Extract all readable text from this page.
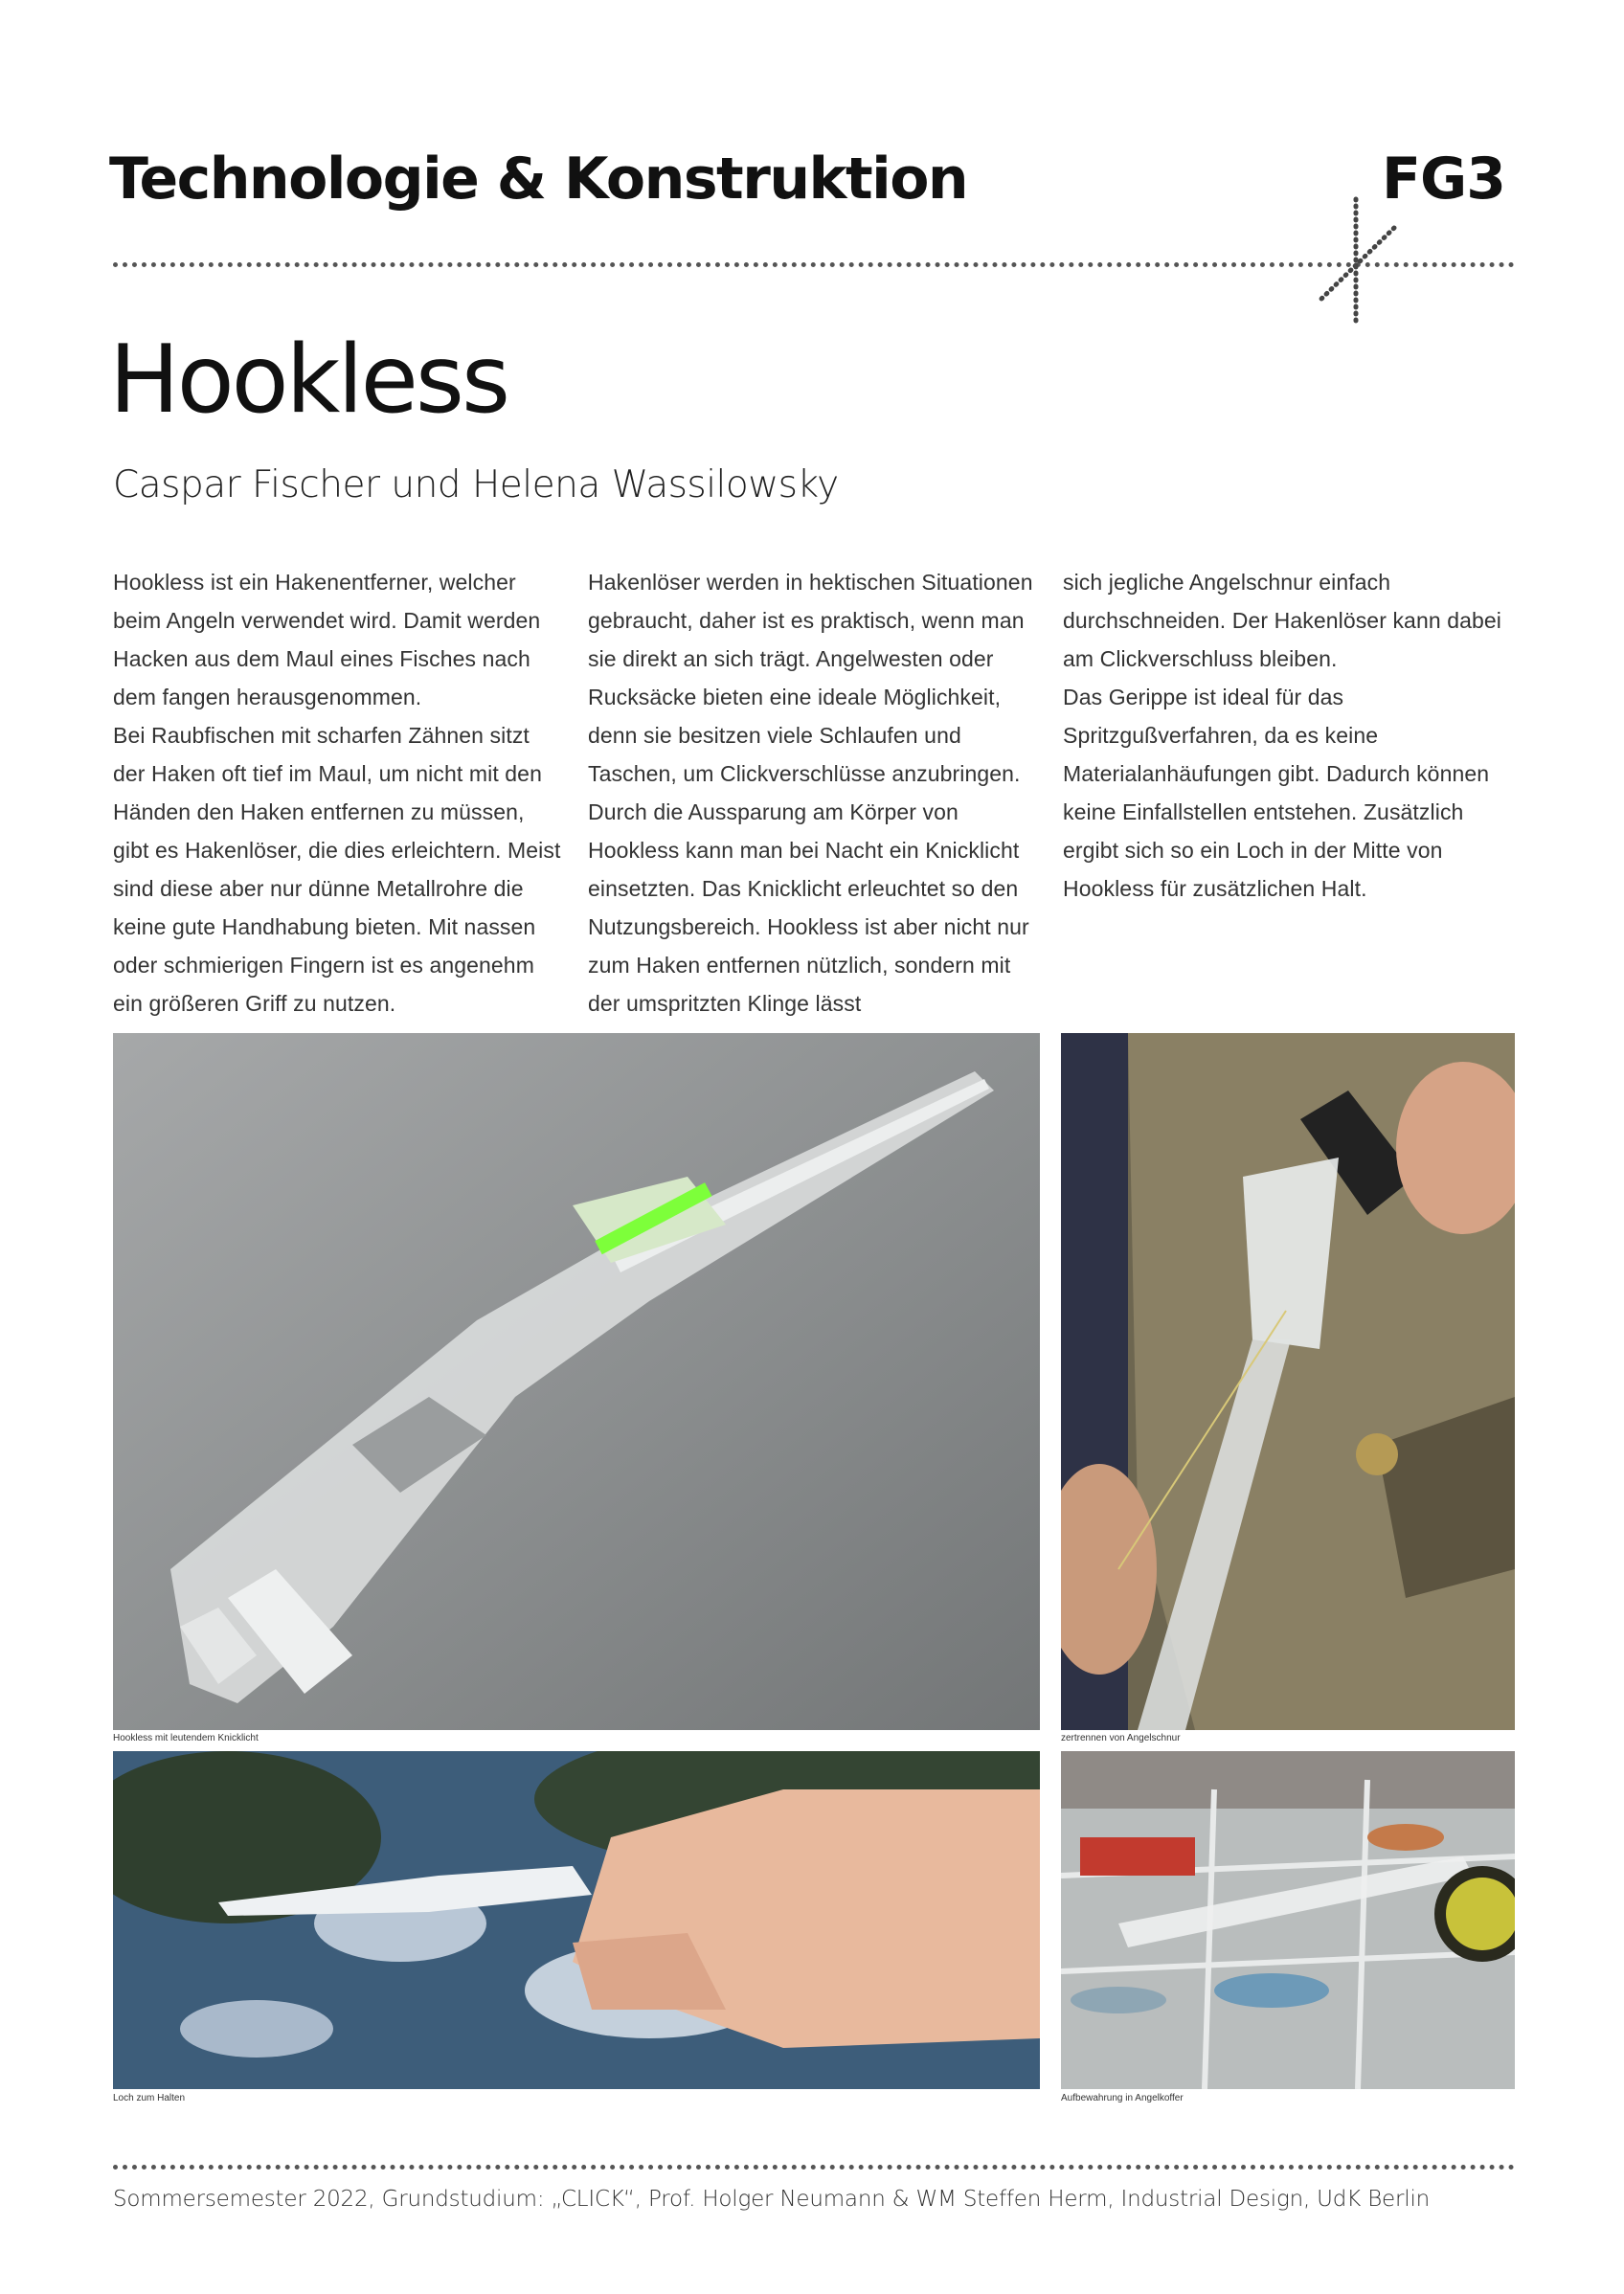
Technologie & Konstruktion	FG3
Hookless
Caspar Fischer und Helena Wassilowsky

Hookless ist ein Hakenentferner, welcher beim Angeln verwendet wird. Damit werden Hacken aus dem Maul eines Fisches nach dem fangen herausgenommen.

Bei Raubfischen mit scharfen Zähnen sitzt der Haken oft tief im Maul, um nicht mit den Händen den Haken entfernen zu müssen, gibt es Hakenlöser, die dies erleichtern. Meist sind diese aber nur dünne Metallrohre die keine gute Handhabung bieten. Mit nassen oder schmierigen Fingern ist es angenehm ein größeren Griff zu nutzen.

Hakenlöser werden in hektischen Situationen gebraucht, daher ist es praktisch, wenn man sie direkt an sich trägt. Angelwesten oder Rucksäcke bieten eine ideale Möglichkeit, denn sie besitzen viele Schlaufen und Taschen, um Clickverschlüsse anzubringen.

Durch die Aussparung am Körper von Hookless kann man bei Nacht ein Knicklicht einsetzten. Das Knicklicht erleuchtet so den Nutzungsbereich. Hookless ist aber nicht nur zum Haken entfernen nützlich, sondern mit der umspritzten Klinge lässt

sich jegliche Angelschnur einfach durchschneiden. Der Hakenlöser kann dabei am Clickverschluss bleiben.

Das Gerippe ist ideal für das Spritzgußverfahren, da es keine Materialanhäufungen gibt. Dadurch können keine Einfallstellen entstehen. Zusätzlich ergibt sich so ein Loch in der Mitte von Hookless für zusätzlichen Halt.

Hookless mit leutendem Knicklicht	zertrennen von Angelschnur
Loch zum Halten	Aufbewahrung in Angelkoffer
Sommersemester 2022, Grundstudium: „CLICK“, Prof. Holger Neumann & WM Steffen Herm, Industrial Design, UdK Berlin
